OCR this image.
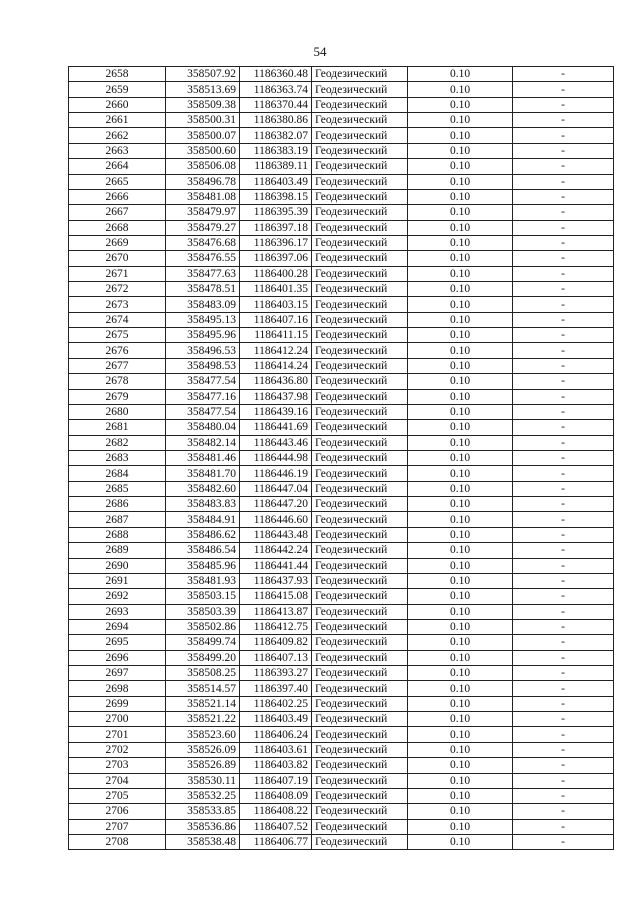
54
2658	358507.92	1186360.48	Геодезический	0.10	-
2659	358513.69	1186363.74	Геодезический	0.10	-
2660	358509.38	1186370.44	Геодезический	0.10	-
2661	358500.31	1186380.86	Геодезический	0.10	-
2662	358500.07	1186382.07	Геодезический	0.10	-
2663	358500.60	1186383.19	Геодезический	0.10	-
2664	358506.08	1186389.11	Геодезический	0.10	-
2665	358496.78	1186403.49	Геодезический	0.10	-
2666	358481.08	1186398.15	Геодезический	0.10	-
2667	358479.97	1186395.39	Геодезический	0.10	-
2668	358479.27	1186397.18	Геодезический	0.10	-
2669	358476.68	1186396.17	Геодезический	0.10	-
2670	358476.55	1186397.06	Геодезический	0.10	-
2671	358477.63	1186400.28	Геодезический	0.10	-
2672	358478.51	1186401.35	Геодезический	0.10	-
2673	358483.09	1186403.15	Геодезический	0.10	-
2674	358495.13	1186407.16	Геодезический	0.10	-
2675	358495.96	1186411.15	Геодезический	0.10	-
2676	358496.53	1186412.24	Геодезический	0.10	-
2677	358498.53	1186414.24	Геодезический	0.10	-
2678	358477.54	1186436.80	Геодезический	0.10	-
2679	358477.16	1186437.98	Геодезический	0.10	-
2680	358477.54	1186439.16	Геодезический	0.10	-
2681	358480.04	1186441.69	Геодезический	0.10	-
2682	358482.14	1186443.46	Геодезический	0.10	-
2683	358481.46	1186444.98	Геодезический	0.10	-
2684	358481.70	1186446.19	Геодезический	0.10	-
2685	358482.60	1186447.04	Геодезический	0.10	-
2686	358483.83	1186447.20	Геодезический	0.10	-
2687	358484.91	1186446.60	Геодезический	0.10	-
2688	358486.62	1186443.48	Геодезический	0.10	-
2689	358486.54	1186442.24	Геодезический	0.10	-
2690	358485.96	1186441.44	Геодезический	0.10	-
2691	358481.93	1186437.93	Геодезический	0.10	-
2692	358503.15	1186415.08	Геодезический	0.10	-
2693	358503.39	1186413.87	Геодезический	0.10	-
2694	358502.86	1186412.75	Геодезический	0.10	-
2695	358499.74	1186409.82	Геодезический	0.10	-
2696	358499.20	1186407.13	Геодезический	0.10	-
2697	358508.25	1186393.27	Геодезический	0.10	-
2698	358514.57	1186397.40	Геодезический	0.10	-
2699	358521.14	1186402.25	Геодезический	0.10	-
2700	358521.22	1186403.49	Геодезический	0.10	-
2701	358523.60	1186406.24	Геодезический	0.10	-
2702	358526.09	1186403.61	Геодезический	0.10	-
2703	358526.89	1186403.82	Геодезический	0.10	-
2704	358530.11	1186407.19	Геодезический	0.10	-
2705	358532.25	1186408.09	Геодезический	0.10	-
2706	358533.85	1186408.22	Геодезический	0.10	-
2707	358536.86	1186407.52	Геодезический	0.10	-
2708	358538.48	1186406.77	Геодезический	0.10	-
